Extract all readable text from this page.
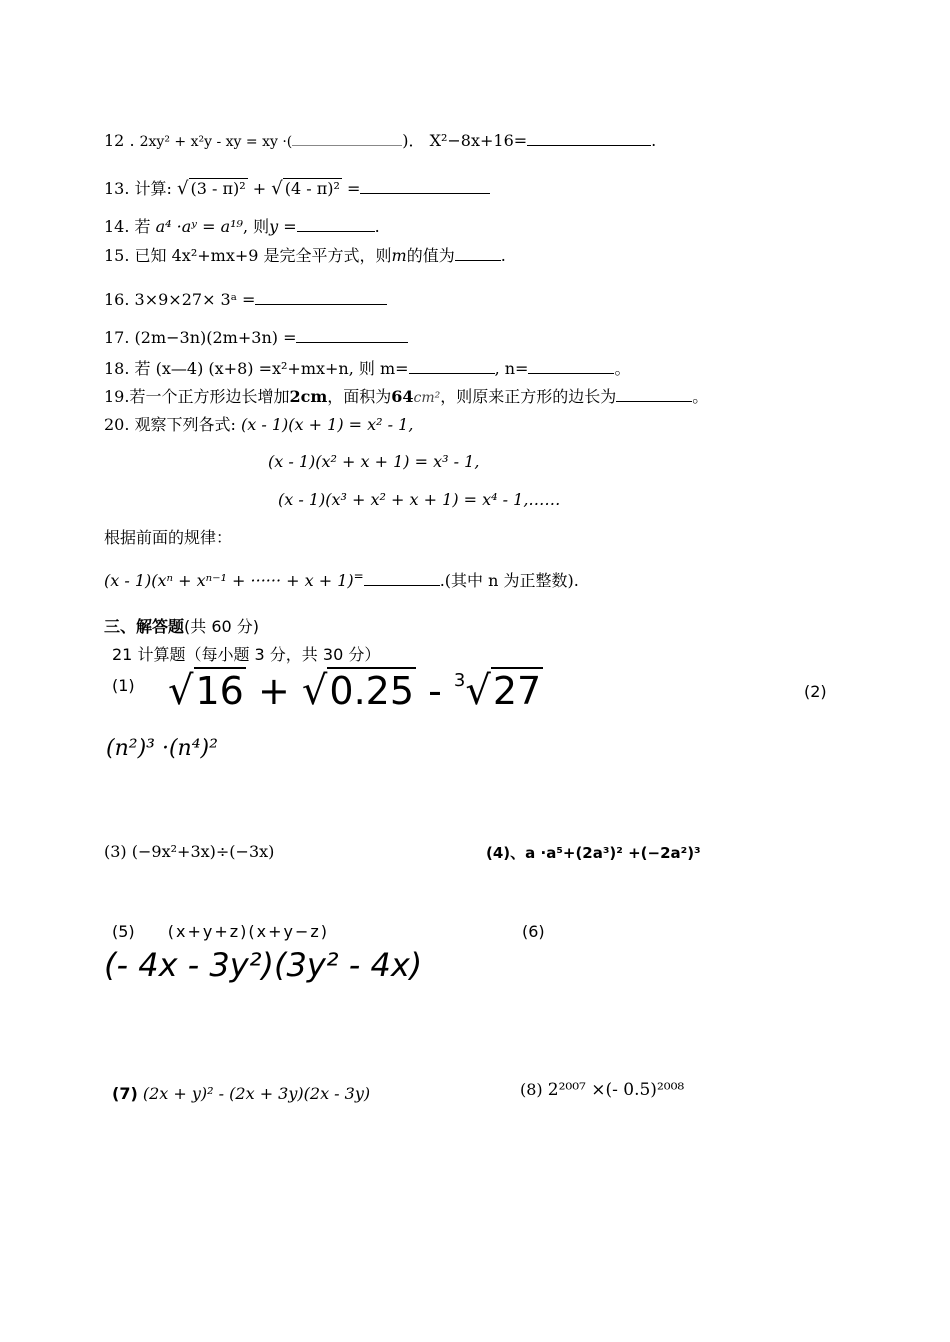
12 . 2xy² + x²y - xy = xy ·(	)． X²−8x+16=	.
13. 计算: √ (3 - π)² + √ (4 - π)² =
14. 若 a⁴ ·aʸ = a¹⁹, 则y =	.
15. 已知 4x²+mx+9 是完全平方式，则m的值为	.
16. 3×9×27× 3ᵃ =
17. (2m−3n)(2m+3n) =
18. 若 (x—4) (x+8) =x²+mx+n, 则 m=	, n=	。
19.若一个正方形边长增加2cm，面积为64cm²，则原来正方形的边长为	。
20. 观察下列各式: (x - 1)(x + 1) = x² - 1,
(x - 1)(x² + x + 1) = x³ - 1,
(x - 1)(x³ + x² + x + 1) = x⁴ - 1,……
根据前面的规律：
(x - 1)(xⁿ + xⁿ⁻¹ + ······ + x + 1)=	.(其中 n 为正整数).
三、解答题(共 60 分)
21 计算题（每小题 3 分，共 30 分）
(1) √16 + √0.25 - $^3$√27	(2)
(n²)³ ·(n⁴)²
(3) (−9x²+3x)÷(−3x)	(4)、a ·a⁵+(2a³)² +(−2a²)³
(5) (x+y+z)(x+y−z)	(6)
(- 4x - 3y²)(3y² - 4x)
(7) (2x + y)² - (2x + 3y)(2x - 3y)	(8) 2²⁰⁰⁷ ×(- 0.5)²⁰⁰⁸
